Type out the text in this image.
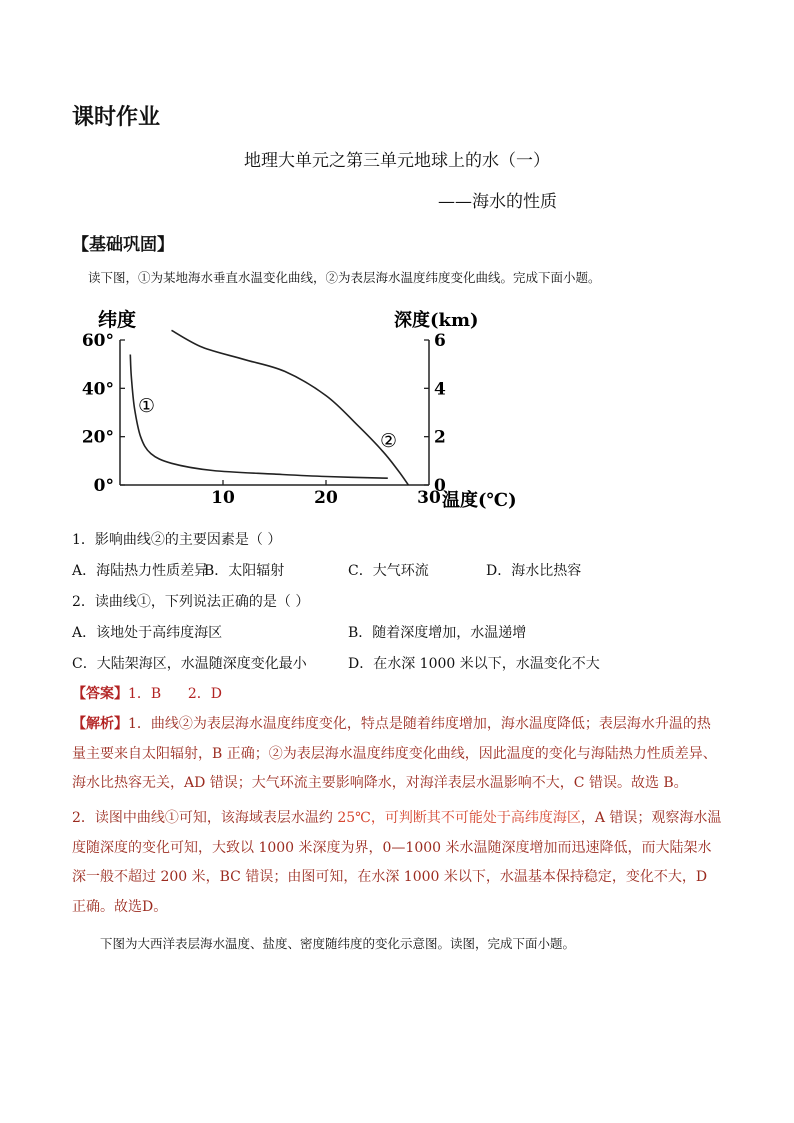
课时作业
地理大单元之第三单元地球上的水（一）
——海水的性质
【基础巩固】
读下图，①为某地海水垂直水温变化曲线，②为表层海水温度纬度变化曲线。完成下面小题。
纬度	深度(km)
温度(℃)
60°
40°
20°
0°
6
4
2
0
10	20	30
①
②
1．影响曲线②的主要因素是（ ）
A．海陆热力性质差异
B．太阳辐射	C．大气环流	D．海水比热容
2．读曲线①，下列说法正确的是（ ）
A．该地处于高纬度海区	B．随着深度增加，水温递增
C．大陆架海区，水温随深度变化最小	D．在水深 1000 米以下，水温变化不大
【答案】1．B      2．D
【解析】1．曲线②为表层海水温度纬度变化，特点是随着纬度增加，海水温度降低；表层海水升温的热量主要来自太阳辐射，B 正确；②为表层海水温度纬度变化曲线，因此温度的变化与海陆热力性质差异、海水比热容无关，AD 错误；大气环流主要影响降水，对海洋表层水温影响不大，C 错误。故选 B。
2．读图中曲线①可知，该海域表层水温约 25℃，可判断其不可能处于高纬度海区，A 错误；观察海水温度随深度的变化可知，大致以 1000 米深度为界，0—1000 米水温随深度增加而迅速降低，而大陆架水深一般不超过 200 米，BC 错误；由图可知，在水深 1000 米以下，水温基本保持稳定，变化不大，D 正确。故选D。
下图为大西洋表层海水温度、盐度、密度随纬度的变化示意图。读图，完成下面小题。
